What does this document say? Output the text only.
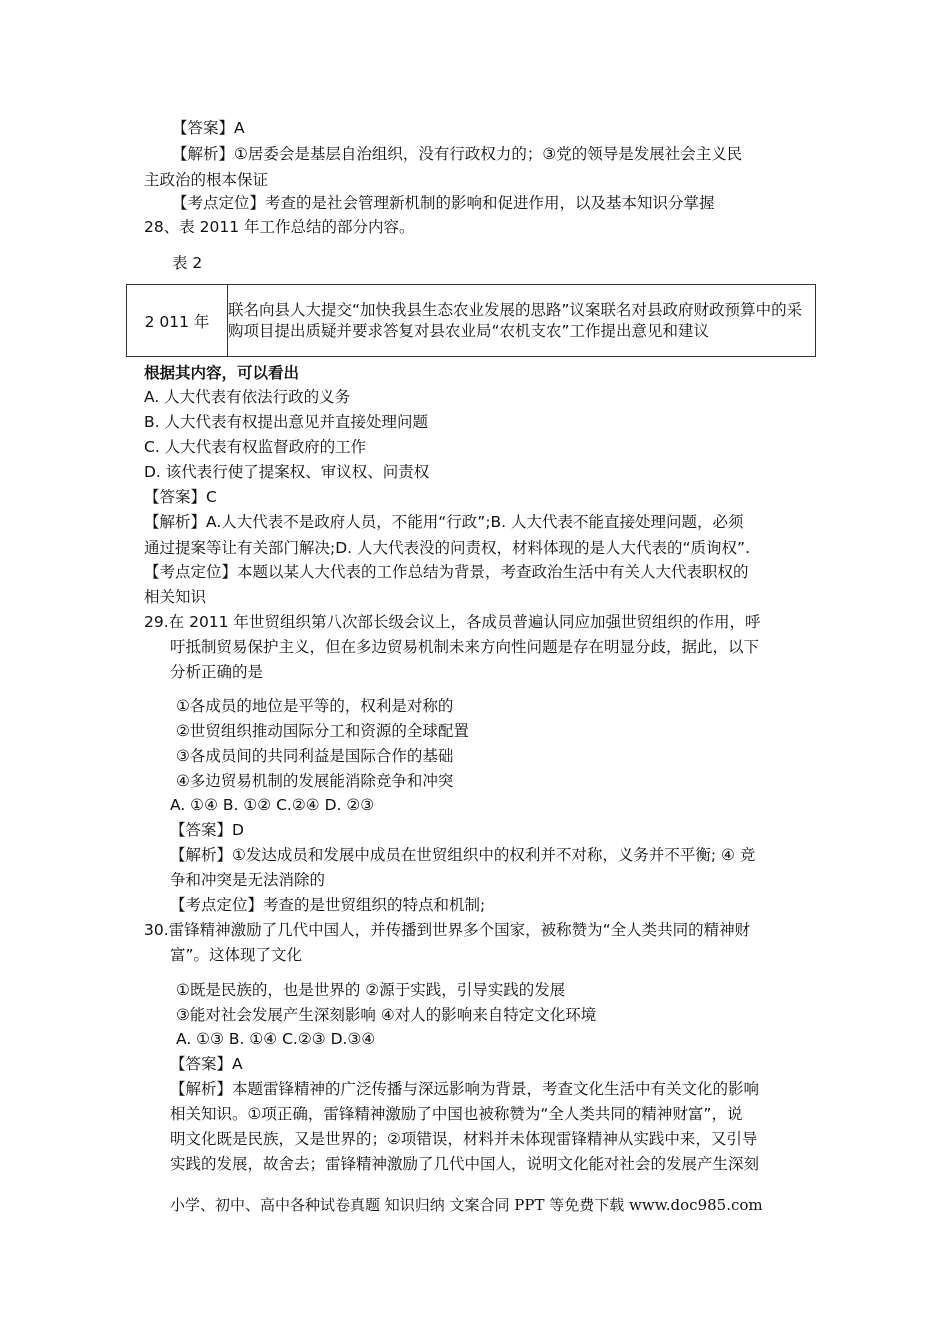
【答案】A
【解析】①居委会是基层自治组织，没有行政权力的；③党的领导是发展社会主义民
主政治的根本保证
【考点定位】考查的是社会管理新机制的影响和促进作用，以及基本知识分掌握
28、表 2011 年工作总结的部分内容。
表 2
根据其内容，可以看出
A. 人大代表有依法行政的义务
B. 人大代表有权提出意见并直接处理问题
C. 人大代表有权监督政府的工作
D. 该代表行使了提案权、审议权、问责权
【答案】C
【解析】A.人大代表不是政府人员，不能用“行政”;B. 人大代表不能直接处理问题，必须
通过提案等让有关部门解决;D. 人大代表没的问责权，材料体现的是人大代表的“质询权”.
【考点定位】本题以某人大代表的工作总结为背景，考查政治生活中有关人大代表职权的
相关知识
29.在 2011 年世贸组织第八次部长级会议上，各成员普遍认同应加强世贸组织的作用，呼
吁抵制贸易保护主义，但在多边贸易机制未来方向性问题是存在明显分歧，据此，以下
分析正确的是
①各成员的地位是平等的，权利是对称的
②世贸组织推动国际分工和资源的全球配置
③各成员间的共同利益是国际合作的基础
④多边贸易机制的发展能消除竞争和冲突
A. ①④ B. ①② C.②④ D. ②③
【答案】D
【解析】①发达成员和发展中成员在世贸组织中的权利并不对称，义务并不平衡; ④ 竞
争和冲突是无法消除的
【考点定位】考查的是世贸组织的特点和机制;
30.雷锋精神激励了几代中国人，并传播到世界多个国家，被称赞为“全人类共同的精神财
富”。这体现了文化
①既是民族的，也是世界的 ②源于实践，引导实践的发展
③能对社会发展产生深刻影响 ④对人的影响来自特定文化环境
A. ①③ B. ①④ C.②③ D.③④
【答案】A
【解析】本题雷锋精神的广泛传播与深远影响为背景，考查文化生活中有关文化的影响
相关知识。①项正确，雷锋精神激励了中国也被称赞为“全人类共同的精神财富”，说
明文化既是民族，又是世界的；②项错误，材料并未体现雷锋精神从实践中来，又引导
实践的发展，故舍去；雷锋精神激励了几代中国人，说明文化能对社会的发展产生深刻
2 011 年	联名向县人大提交“加快我县生态农业发展的思路”议案联名对县政府财政预算中的采购项目提出质疑并要求答复对县农业局“农机支农”工作提出意见和建议
小学、初中、高中各种试卷真题 知识归纳 文案合同 PPT 等免费下载 www.doc985.com
